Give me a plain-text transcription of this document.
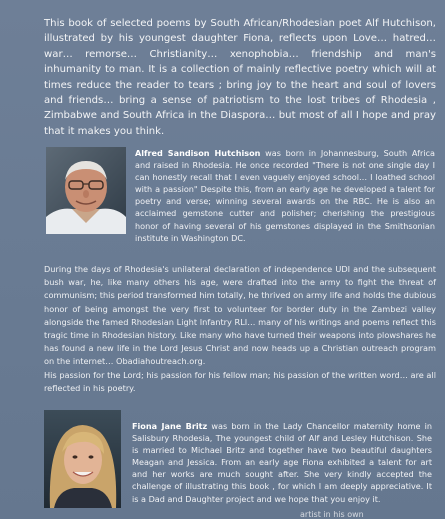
This book of selected poems by South African/Rhodesian poet Alf Hutchison, illustrated by his youngest daughter Fiona, reflects upon Love… hatred… war… remorse… Christianity… xenophobia… friendship and man's inhumanity to man. It is a collection of mainly reflective poetry which will at times reduce the reader to tears ; bring joy to the heart and soul of lovers and friends… bring a sense of patriotism to the lost tribes of Rhodesia , Zimbabwe and South Africa in the Diaspora… but most of all I hope and pray that it makes you think.

Alfred Sandison Hutchison was born in Johannesburg, South Africa and raised in Rhodesia. He once recorded "There is not one single day I can honestly recall that I even vaguely enjoyed school… I loathed school with a passion" Despite this, from an early age he developed a talent for poetry and verse; winning several awards on the RBC. He is also an acclaimed gemstone cutter and polisher; cherishing the prestigious honor of having several of his gemstones displayed in the Smithsonian institute in Washington DC.

During the days of Rhodesia's unilateral declaration of independence UDI and the subsequent bush war, he, like many others his age, were drafted into the army to fight the threat of communism; this period transformed him totally, he thrived on army life and holds the dubious honor of being amongst the very first to volunteer for border duty in the Zambezi valley alongside the famed Rhodesian Light Infantry RLI… many of his writings and poems reflect this tragic time in Rhodesian history. Like many who have turned their weapons into plowshares he has found a new life in the Lord Jesus Christ and now heads up a Christian outreach program on the internet… Obadiahoutreach.org.
His passion for the Lord; his passion for his fellow man; his passion of the written word… are all reflected in his poetry.

Fiona Jane Britz was born in the Lady Chancellor maternity home in Salisbury Rhodesia, The youngest child of Alf and Lesley Hutchison. She is married to Michael Britz and together have two beautiful daughters Meagan and Jessica. From an early age Fiona exhibited a talent for art and her works are much sought after. She very kindly accepted the challenge of illustrating this book , for which I am deeply appreciative. It is a Dad and Daughter project and we hope that you enjoy it.

artist in his own
